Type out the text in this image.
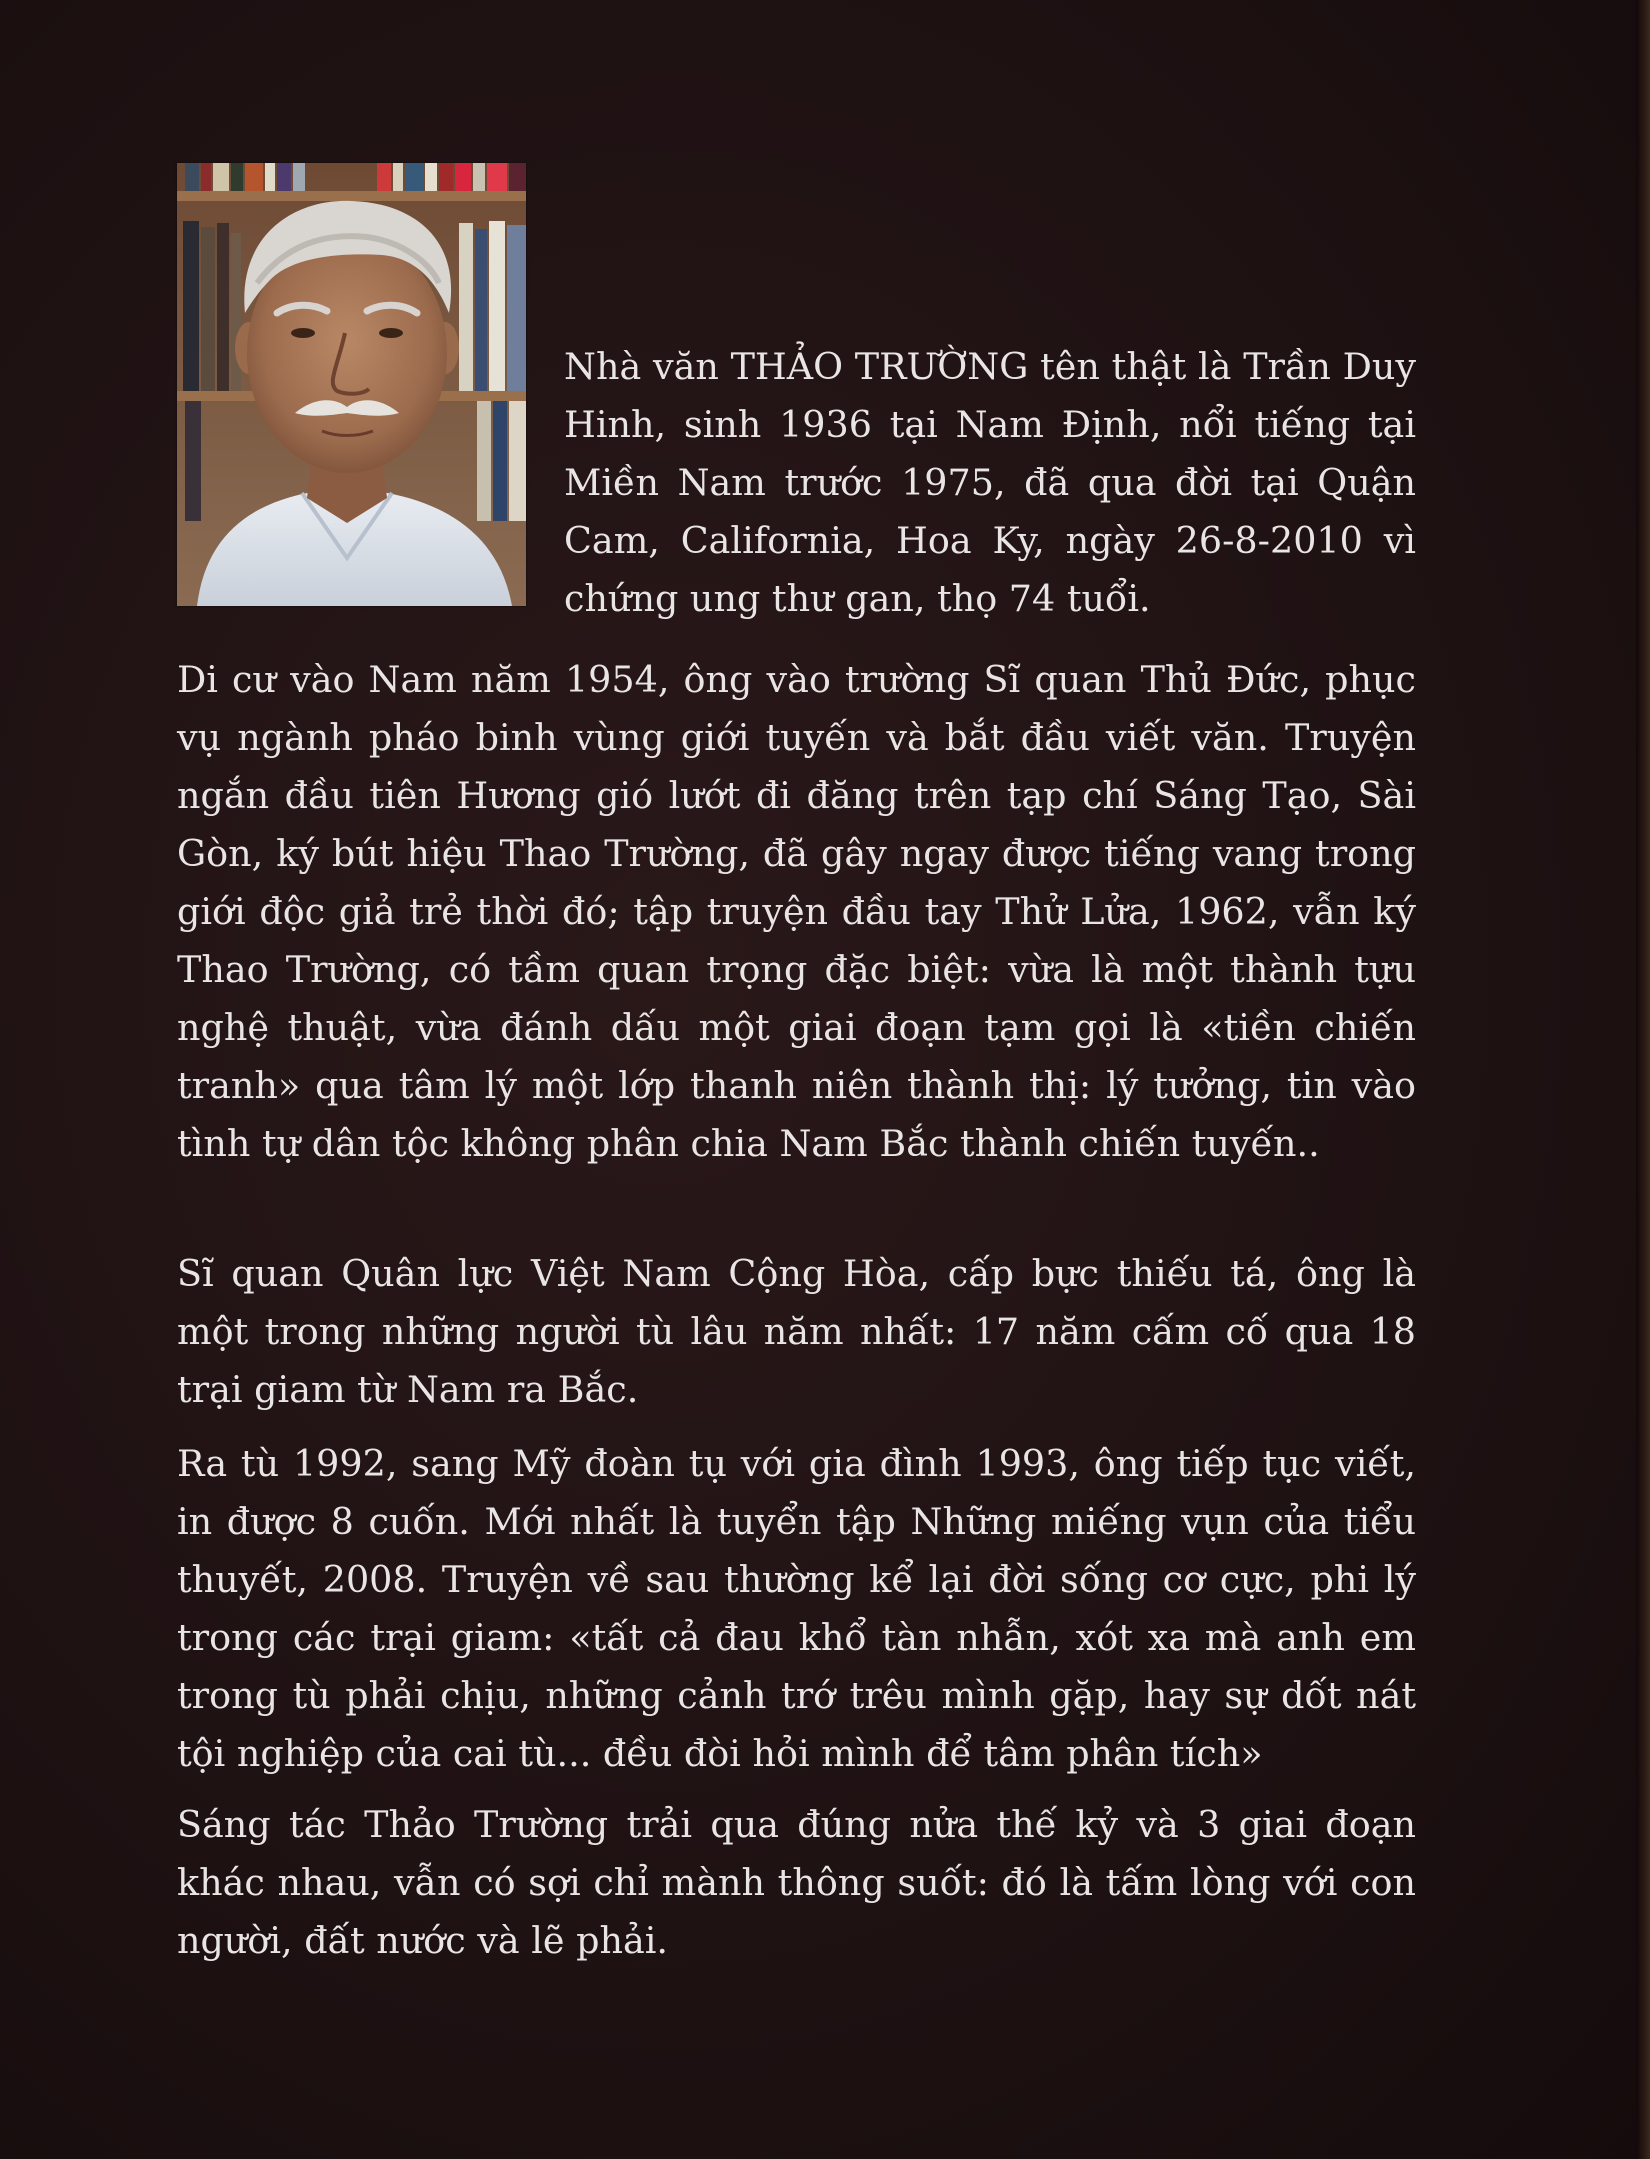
Nhà văn THẢO TRƯỜNG tên thật là Trần Duy Hinh, sinh 1936 tại Nam Định, nổi tiếng tại Miền Nam trước 1975, đã qua đời tại Quận Cam, California, Hoa Ky, ngày 26-8-2010 vì chứng ung thư gan, thọ 74 tuổi.
Di cư vào Nam năm 1954, ông vào trường Sĩ quan Thủ Đức, phục vụ ngành pháo binh vùng giới tuyến và bắt đầu viết văn. Truyện ngắn đầu tiên Hương gió lướt đi đăng trên tạp chí Sáng Tạo, Sài Gòn, ký bút hiệu Thao Trường, đã gây ngay được tiếng vang trong giới độc giả trẻ thời đó; tập truyện đầu tay Thử Lửa, 1962, vẫn ký Thao Trường, có tầm quan trọng đặc biệt: vừa là một thành tựu nghệ thuật, vừa đánh dấu một giai đoạn tạm gọi là «tiền chiến tranh» qua tâm lý một lớp thanh niên thành thị: lý tưởng, tin vào tình tự dân tộc không phân chia Nam Bắc thành chiến tuyến..
Sĩ quan Quân lực Việt Nam Cộng Hòa, cấp bực thiếu tá, ông là một trong những người tù lâu năm nhất: 17 năm cấm cố qua 18 trại giam từ Nam ra Bắc.
Ra tù 1992, sang Mỹ đoàn tụ với gia đình 1993, ông tiếp tục viết, in được 8 cuốn. Mới nhất là tuyển tập Những miếng vụn của tiểu thuyết, 2008. Truyện về sau thường kể lại đời sống cơ cực, phi lý trong các trại giam: «tất cả đau khổ tàn nhẫn, xót xa mà anh em trong tù phải chịu, những cảnh trớ trêu mình gặp, hay sự dốt nát tội nghiệp của cai tù... đều đòi hỏi mình để tâm phân tích»
Sáng tác Thảo Trường trải qua đúng nửa thế kỷ và 3 giai đoạn khác nhau, vẫn có sợi chỉ mành thông suốt: đó là tấm lòng với con người, đất nước và lẽ phải.
